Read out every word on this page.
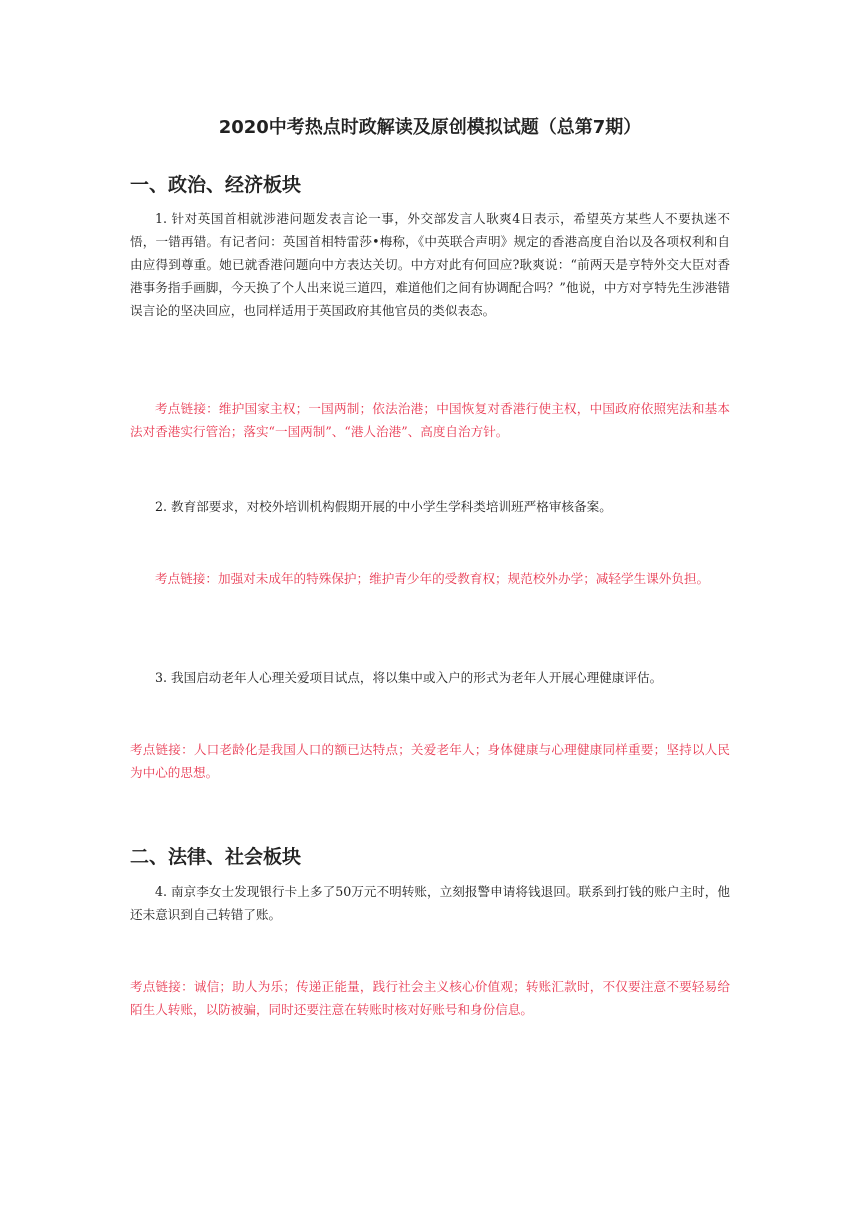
2020中考热点时政解读及原创模拟试题（总第7期）
一、政治、经济板块

1. 针对英国首相就涉港问题发表言论一事，外交部发言人耿爽4日表示，希望英方某些人不要执迷不悟，一错再错。有记者问：英国首相特雷莎•梅称，《中英联合声明》规定的香港高度自治以及各项权利和自由应得到尊重。她已就香港问题向中方表达关切。中方对此有何回应?耿爽说：“前两天是亨特外交大臣对香港事务指手画脚，今天换了个人出来说三道四，难道他们之间有协调配合吗？”他说，中方对亨特先生涉港错误言论的坚决回应，也同样适用于英国政府其他官员的类似表态。

考点链接：维护国家主权；一国两制；依法治港；中国恢复对香港行使主权，中国政府依照宪法和基本法对香港实行管治；落实“一国两制”、“港人治港”、高度自治方针。

2. 教育部要求，对校外培训机构假期开展的中小学生学科类培训班严格审核备案。

考点链接：加强对未成年的特殊保护；维护青少年的受教育权；规范校外办学；减轻学生课外负担。

3. 我国启动老年人心理关爱项目试点，将以集中或入户的形式为老年人开展心理健康评估。

考点链接：人口老龄化是我国人口的额已达特点；关爱老年人；身体健康与心理健康同样重要；坚持以人民为中心的思想。

二、法律、社会板块

4. 南京李女士发现银行卡上多了50万元不明转账，立刻报警申请将钱退回。联系到打钱的账户主时，他还未意识到自己转错了账。

考点链接：诚信；助人为乐；传递正能量，践行社会主义核心价值观；转账汇款时，不仅要注意不要轻易给陌生人转账，以防被骗，同时还要注意在转账时核对好账号和身份信息。
